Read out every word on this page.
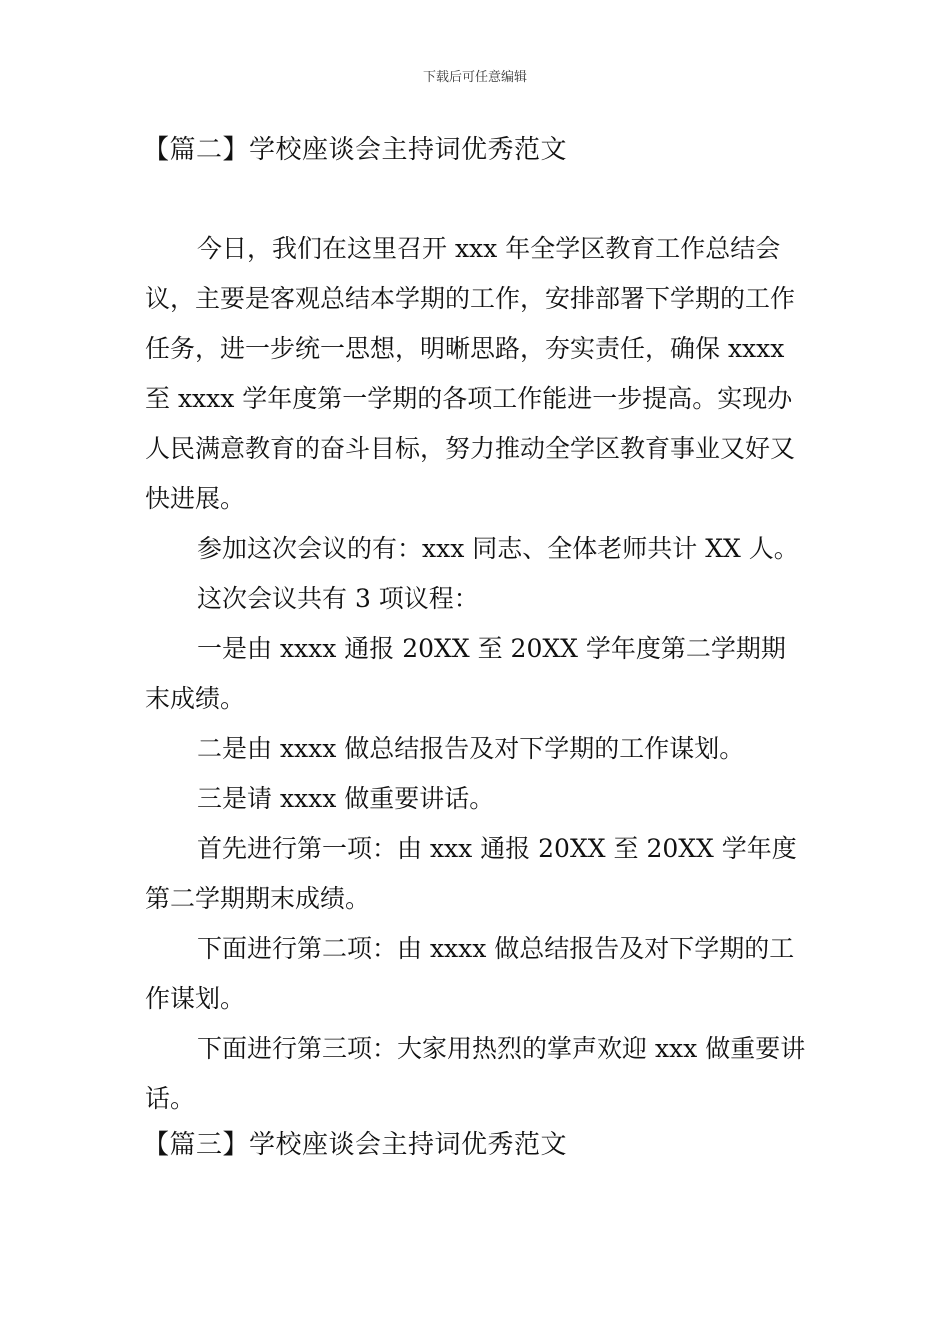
下载后可任意编辑
【篇二】学校座谈会主持词优秀范文

今日，我们在这里召开 xxx 年全学区教育工作总结会议，主要是客观总结本学期的工作，安排部署下学期的工作任务，进一步统一思想，明晰思路，夯实责任，确保 xxxx 至 xxxx 学年度第一学期的各项工作能进一步提高。实现办人民满意教育的奋斗目标，努力推动全学区教育事业又好又快进展。

参加这次会议的有：xxx 同志、全体老师共计 XX 人。

这次会议共有 3 项议程：

一是由 xxxx 通报 20XX 至 20XX 学年度第二学期期末成绩。

二是由 xxxx 做总结报告及对下学期的工作谋划。

三是请 xxxx 做重要讲话。

首先进行第一项：由 xxx 通报 20XX 至 20XX 学年度第二学期期末成绩。

下面进行第二项：由 xxxx 做总结报告及对下学期的工作谋划。

下面进行第三项：大家用热烈的掌声欢迎 xxx 做重要讲话。

【篇三】学校座谈会主持词优秀范文
